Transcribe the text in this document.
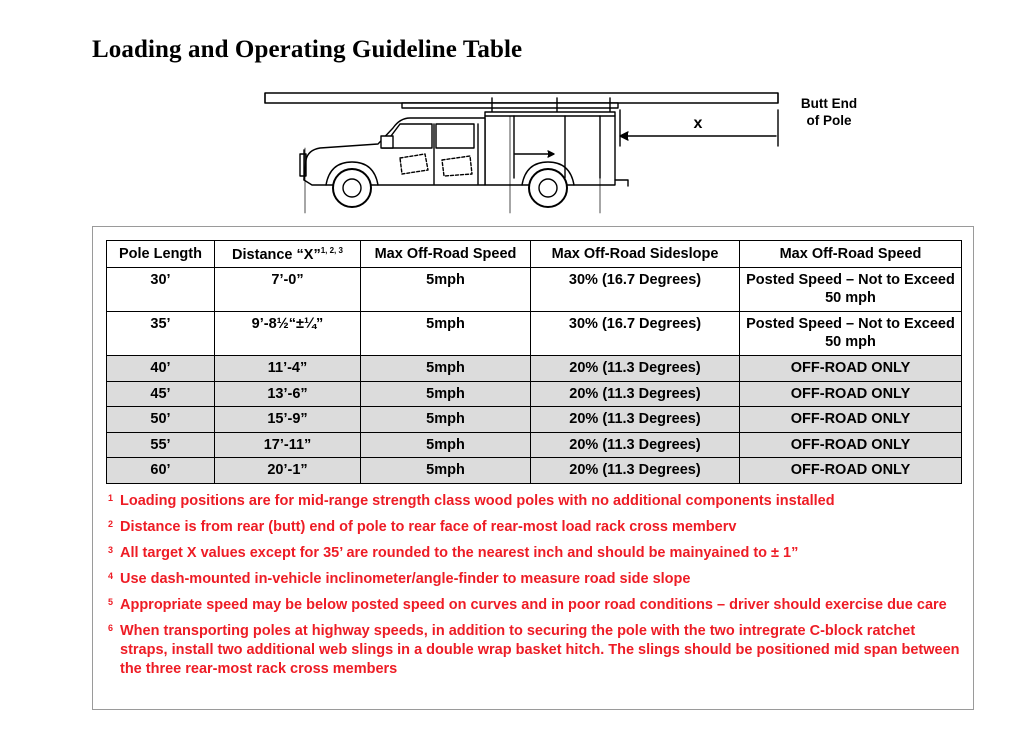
Loading and Operating Guideline Table
x
Butt End
of Pole
Pole Length	Distance “X”$^{1, 2, 3}$	Max Off-Road Speed	Max Off-Road Sideslope	Max Off-Road Speed
30’	7’-0”	5mph	30% (16.7 Degrees)	Posted Speed – Not to Exceed 50 mph
35’	9’-8½“±¼”	5mph	30% (16.7 Degrees)	Posted Speed – Not to Exceed 50 mph
40’	11’-4”	5mph	20% (11.3 Degrees)	OFF-ROAD ONLY
45’	13’-6”	5mph	20% (11.3 Degrees)	OFF-ROAD ONLY
50’	15’-9”	5mph	20% (11.3 Degrees)	OFF-ROAD ONLY
55’	17’-11”	5mph	20% (11.3 Degrees)	OFF-ROAD ONLY
60’	20’-1”	5mph	20% (11.3 Degrees)	OFF-ROAD ONLY
1 Loading positions are for mid-range strength class wood poles with no additional components installed
2 Distance is from rear (butt) end of pole to rear face of rear-most load rack cross memberv
3 All target X values except for 35’ are rounded to the nearest inch and should be mainyained to ± 1”
4 Use dash-mounted in-vehicle inclinometer/angle-finder to measure road side slope
5 Appropriate speed may be below posted speed on curves and in poor road conditions – driver should exercise due care
6 When transporting poles at highway speeds, in addition to securing the pole with the two intregrate C-block ratchet straps, install two additional web slings in a double wrap basket hitch. The slings should be positioned mid span between the three rear-most rack cross members
